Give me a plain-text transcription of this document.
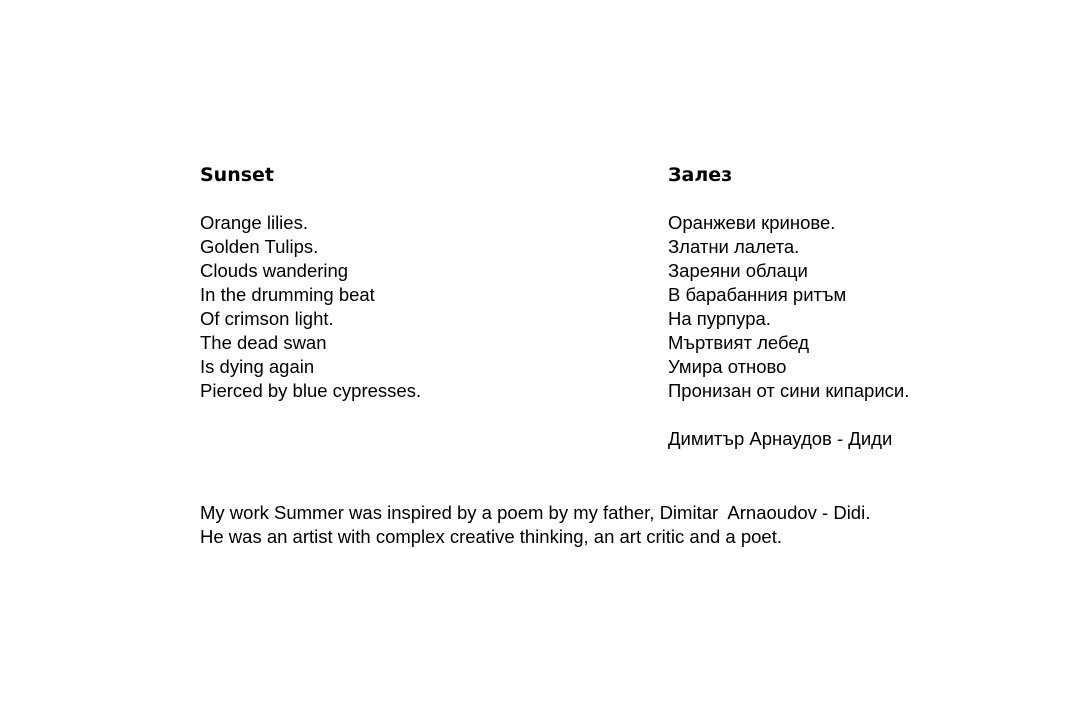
Sunset
Orange lilies.
Golden Tulips.
Clouds wandering
In the drumming beat
Of crimson light.
The dead swan
Is dying again
Pierced by blue cypresses.
Залез
Оранжеви кринове.
Златни лалета.
Зареяни облаци
В барабанния ритъм
На пурпура.
Мъртвият лебед
Умира отново
Пронизан от сини кипариси.
Димитър Арнаудов - Диди
My work Summer was inspired by a poem by my father, Dimitar  Arnaoudov - Didi.
He was an artist with complex creative thinking, an art critic and a poet.
